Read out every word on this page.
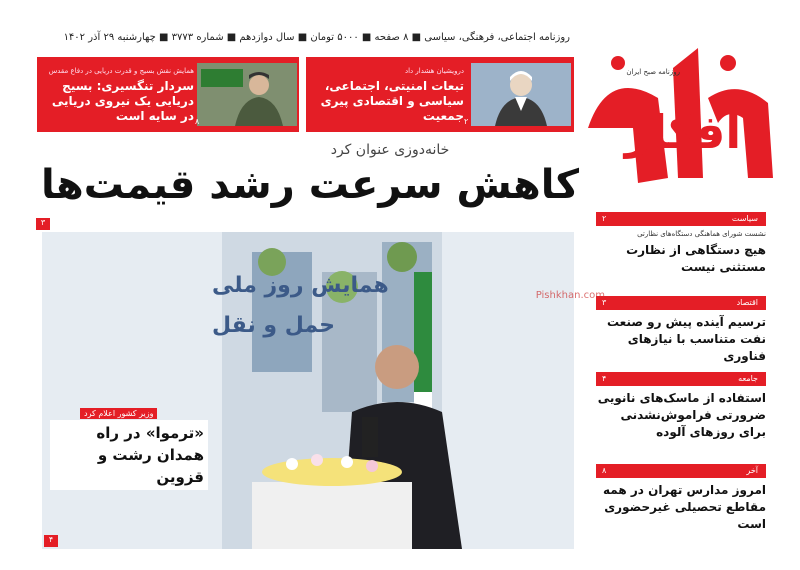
افکار
روزنامه صبح ایران
روزنامه اجتماعی، فرهنگی، سیاسی ■ ۸ صفحه ■ ۵۰۰۰ تومان ■ سال دوازدهم ■ شماره ۳۷۷۳ ■ چهارشنبه ۲۹ آذر ۱۴۰۲
درویشیان هشدار داد
تبعات امنیتی، اجتماعی، سیاسی و اقتصادی پیری جمعیت ۲
همایش نقش بسیج و قدرت دریایی در دفاع مقدس
سردار تنگسیری: بسیج دریایی یک نیروی دریایی در سایه است ۸
خانه‌دوزی عنوان کرد
کاهش سرعت رشد قیمت‌ها
۳
همایش روز ملی
حمل و نقل
وزیر کشور اعلام کرد
«ترموا» در راه همدان رشت و قزوین
۴
سیاست
۲
نشست شورای هماهنگی دستگاه‌های نظارتی
هیچ دستگاهی از نظارت مستثنی نیست
اقتصاد
۳
ترسیم آینده پیش رو صنعت نفت متناسب با نیازهای فناوری
جامعه
۴
استفاده از ماسک‌های نانویی ضرورتی فراموش‌نشدنی برای روزهای آلوده
آخر
۸
امروز مدارس تهران در همه مقاطع تحصیلی غیرحضوری است
Pishkhan.com
